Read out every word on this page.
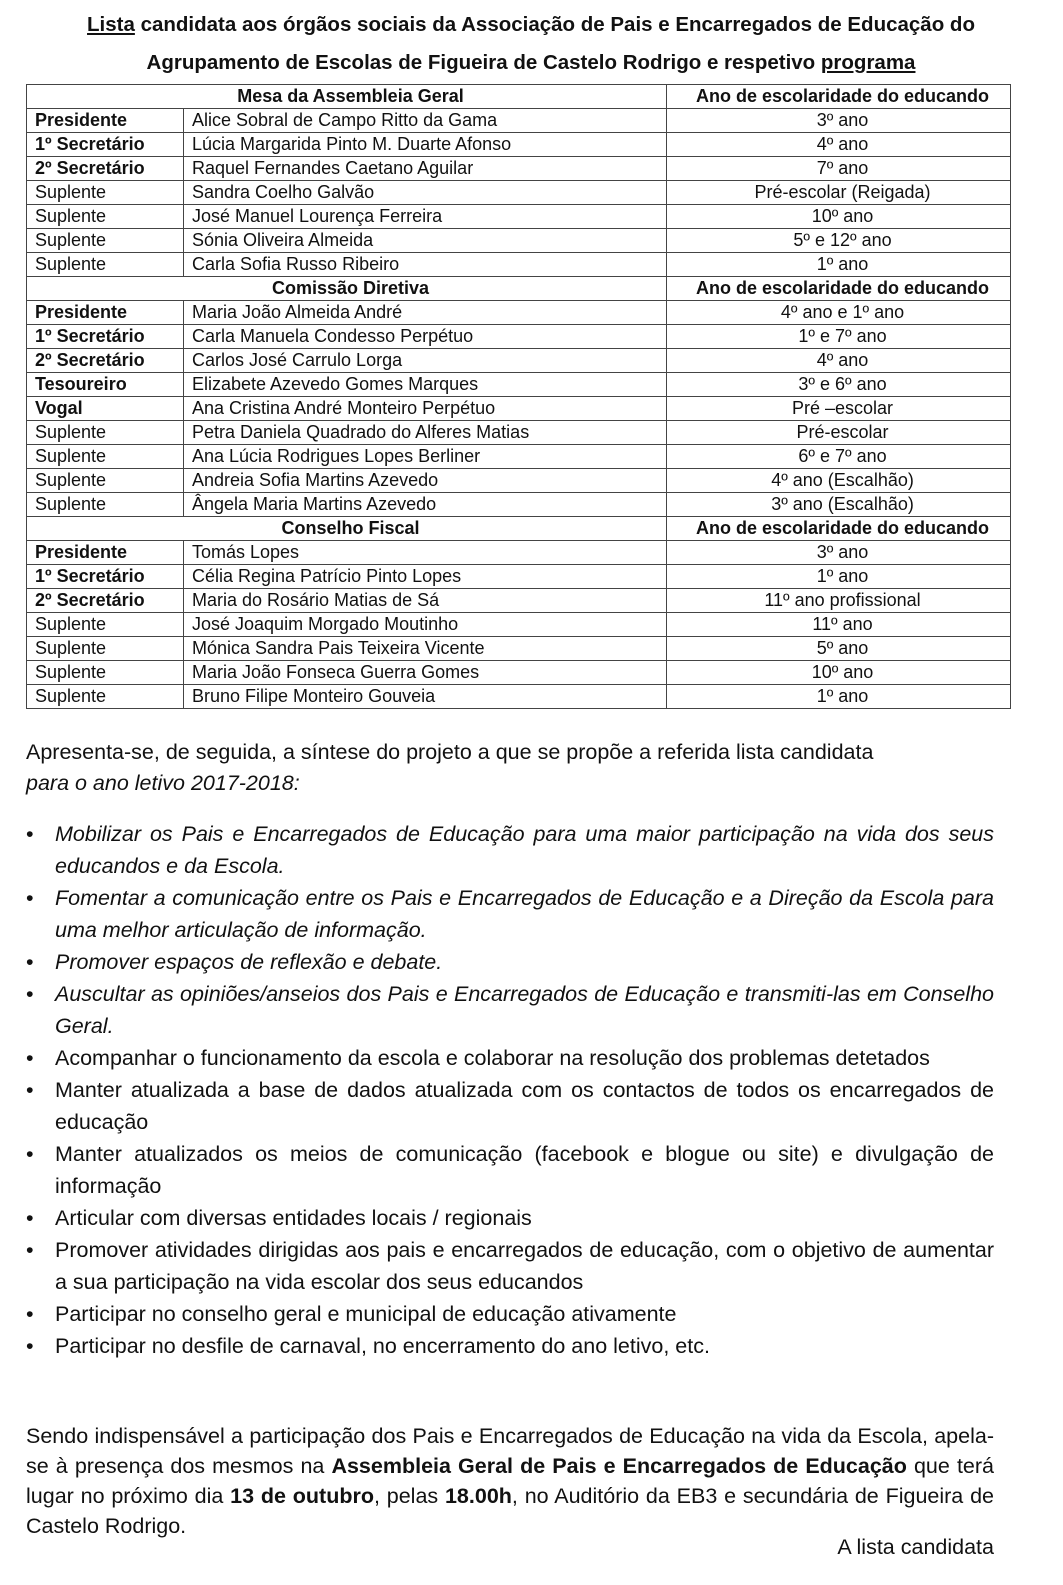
Lista candidata aos órgãos sociais da Associação de Pais e Encarregados de Educação do
Agrupamento de Escolas de Figueira de Castelo Rodrigo e respetivo programa
Mesa da Assembleia Geral		Ano de escolaridade do educando
Presidente	Alice Sobral de Campo Ritto da Gama	3º ano
1º Secretário	Lúcia Margarida Pinto M. Duarte Afonso	4º ano
2º Secretário	Raquel Fernandes Caetano Aguilar	7º ano
Suplente	Sandra Coelho Galvão	Pré-escolar (Reigada)
Suplente	José Manuel Lourença Ferreira	10º ano
Suplente	Sónia Oliveira Almeida	5º e 12º ano
Suplente	Carla Sofia Russo Ribeiro	1º ano
Comissão Diretiva		Ano de escolaridade do educando
Presidente	Maria João Almeida André	4º ano e 1º ano
1º Secretário	Carla Manuela Condesso Perpétuo	1º e 7º ano
2º Secretário	Carlos José Carrulo Lorga	4º ano
Tesoureiro	Elizabete Azevedo Gomes Marques	3º e 6º ano
Vogal	Ana Cristina André Monteiro Perpétuo	Pré –escolar
Suplente	Petra Daniela Quadrado do Alferes Matias	Pré-escolar
Suplente	Ana Lúcia Rodrigues Lopes Berliner	6º e 7º ano
Suplente	Andreia Sofia Martins Azevedo	4º ano (Escalhão)
Suplente	Ângela Maria Martins Azevedo	3º ano (Escalhão)
Conselho Fiscal		Ano de escolaridade do educando
Presidente	Tomás Lopes	3º ano
1º Secretário	Célia Regina Patrício Pinto Lopes	1º ano
2º Secretário	Maria do Rosário Matias de Sá	11º ano profissional
Suplente	José Joaquim Morgado Moutinho	11º ano
Suplente	Mónica Sandra Pais Teixeira Vicente	5º ano
Suplente	Maria João Fonseca Guerra Gomes	10º ano
Suplente	Bruno Filipe Monteiro Gouveia	1º ano
Apresenta-se, de seguida, a síntese do projeto a que se propõe a referida lista candidata
para o ano letivo 2017-2018:
• Mobilizar os Pais e Encarregados de Educação para uma maior participação na vida dos seus educandos e da Escola.
• Fomentar a comunicação entre os Pais e Encarregados de Educação e a Direção da Escola para uma melhor articulação de informação.
• Promover espaços de reflexão e debate.
• Auscultar as opiniões/anseios dos Pais e Encarregados de Educação e transmiti-las em Conselho Geral.
• Acompanhar o funcionamento da escola e colaborar na resolução dos problemas detetados
• Manter atualizada a base de dados atualizada com os contactos de todos os encarregados de educação
• Manter atualizados os meios de comunicação (facebook e blogue ou site) e divulgação de informação
• Articular com diversas entidades locais / regionais
• Promover atividades dirigidas aos pais e encarregados de educação, com o objetivo de aumentar a sua participação na vida escolar dos seus educandos
• Participar no conselho geral e municipal de educação ativamente
• Participar no desfile de carnaval, no encerramento do ano letivo, etc.
Sendo indispensável a participação dos Pais e Encarregados de Educação na vida da Escola, apela-se à presença dos mesmos na Assembleia Geral de Pais e Encarregados de Educação que terá lugar no próximo dia 13 de outubro, pelas 18.00h, no Auditório da EB3 e secundária de Figueira de Castelo Rodrigo.
A lista candidata
